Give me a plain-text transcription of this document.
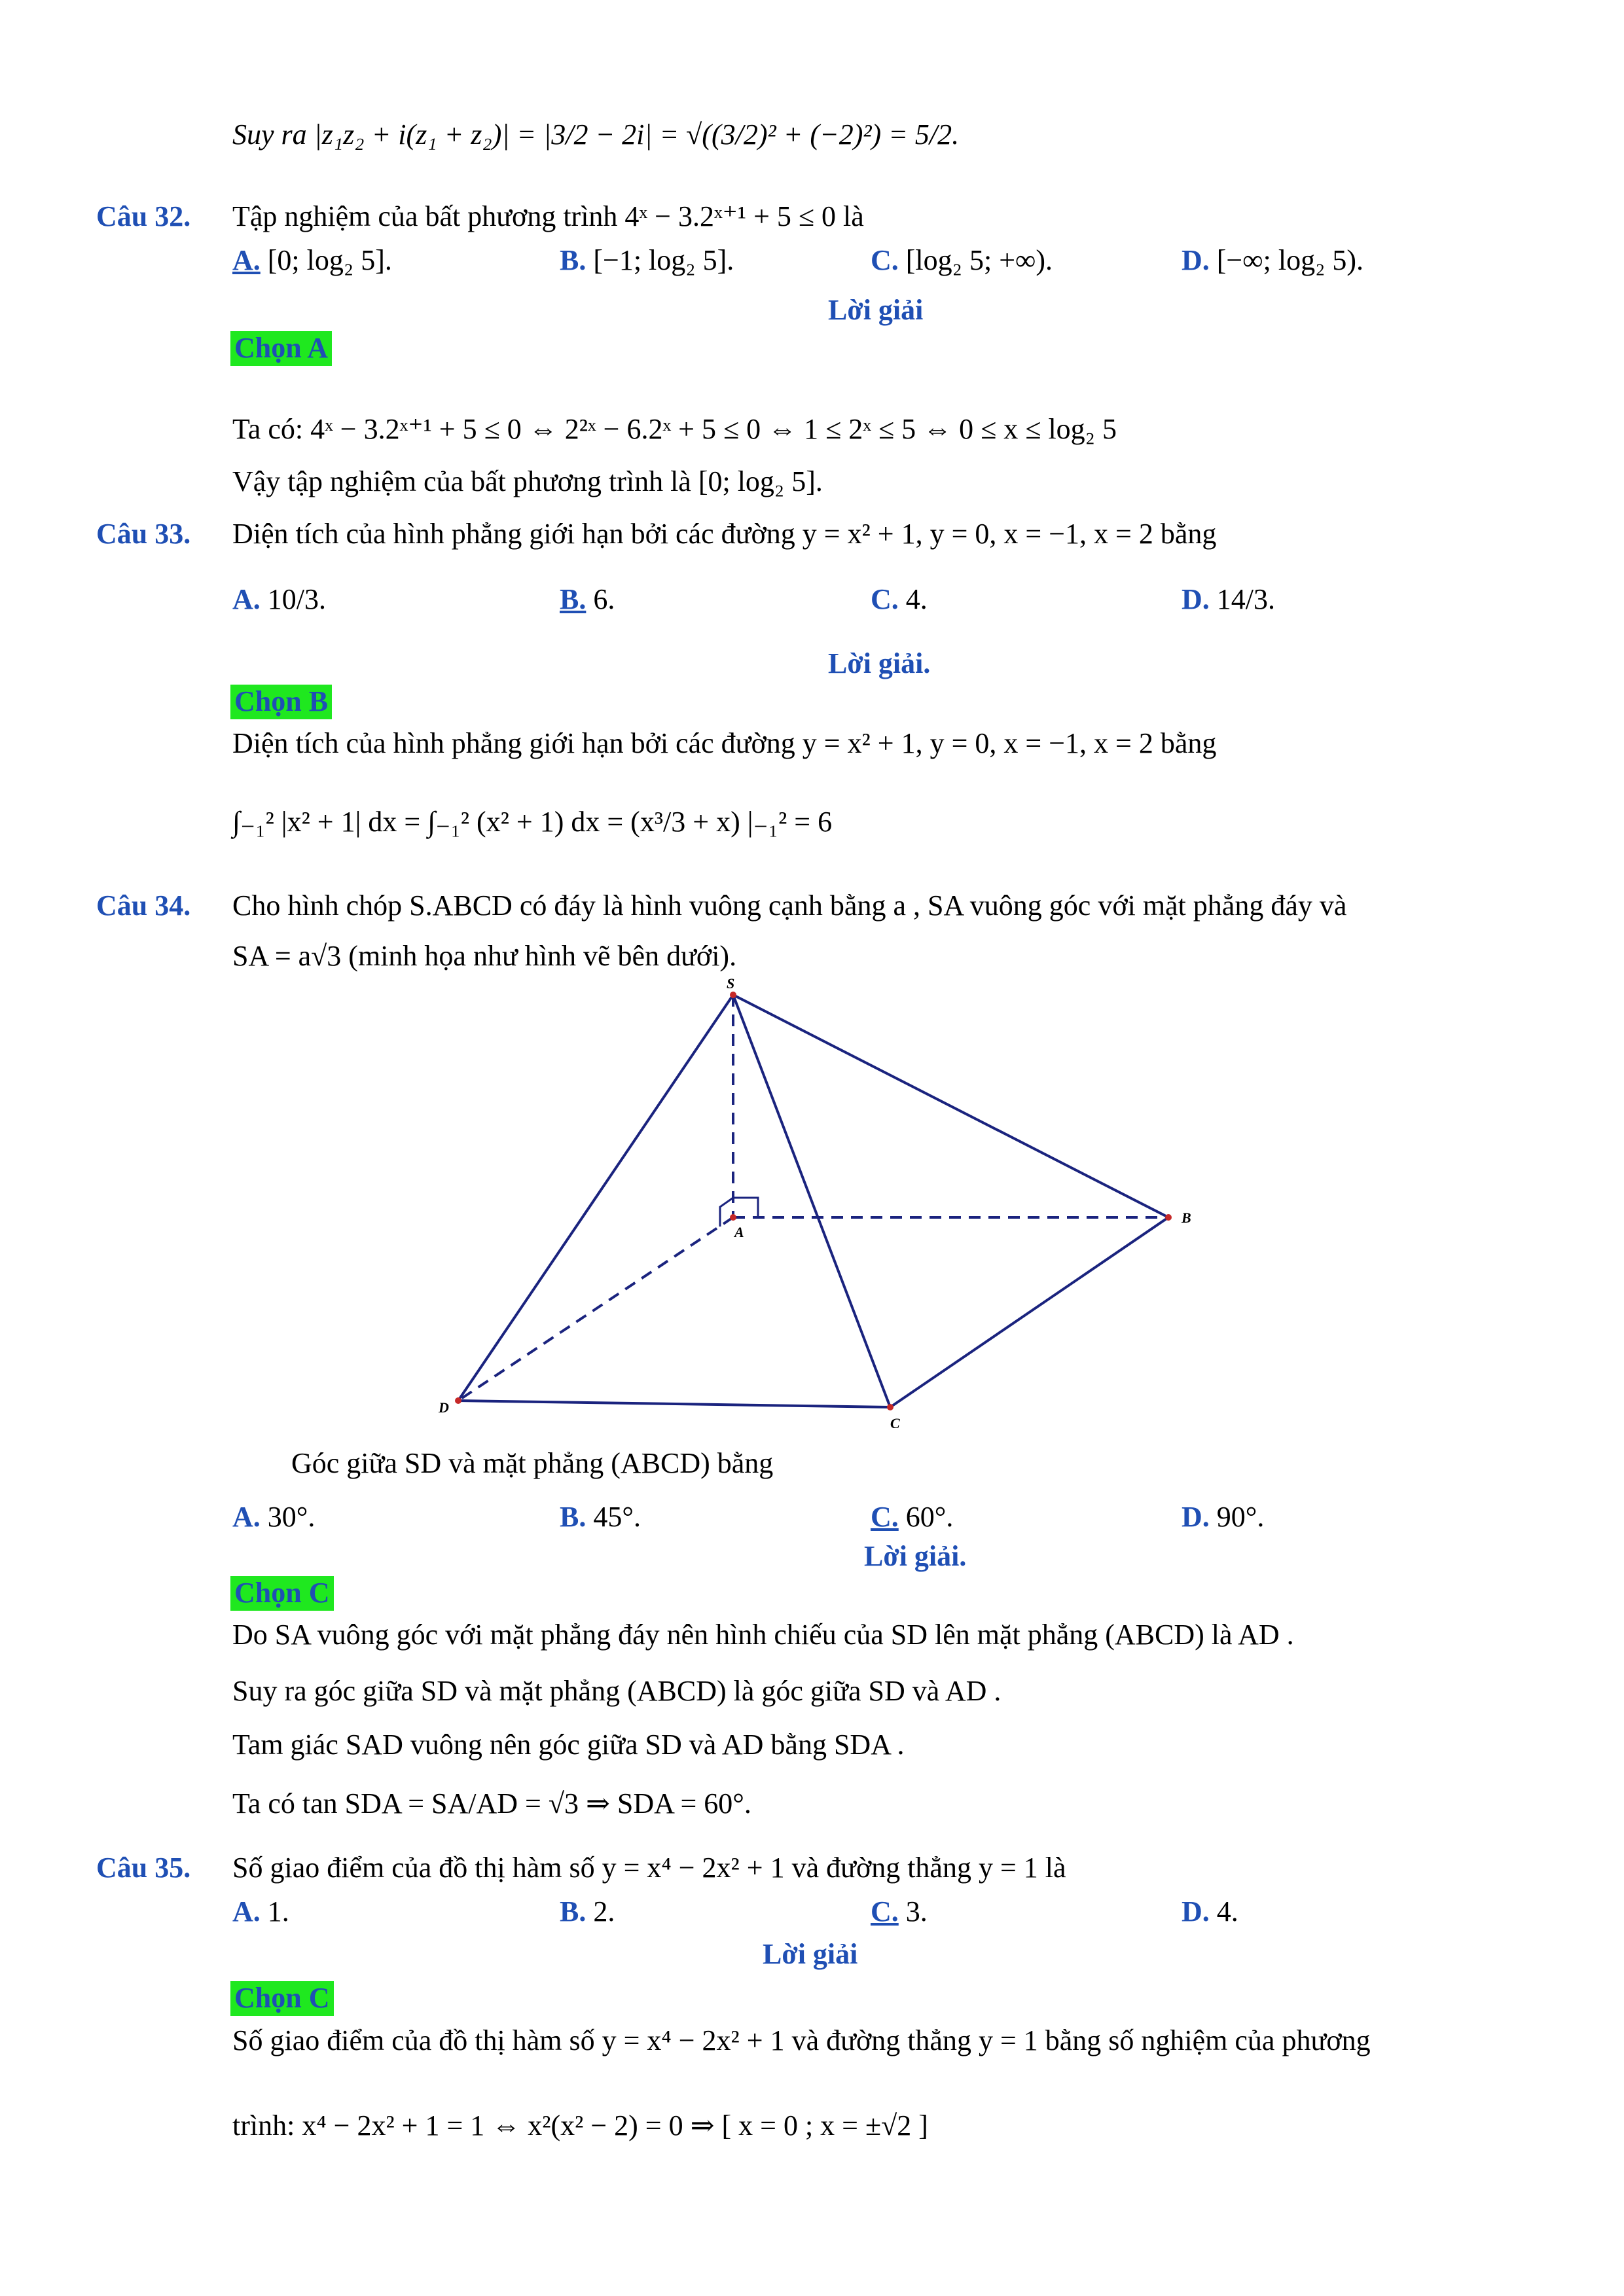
Suy ra |z₁z₂ + i(z₁ + z₂)| = |3/2 − 2i| = √((3/2)² + (−2)²) = 5/2.
Câu 32. Tập nghiệm của bất phương trình 4ˣ − 3.2ˣ⁺¹ + 5 ≤ 0 là
A. [0; log₂ 5].	B. [−1; log₂ 5].	C. [log₂ 5; +∞).	D. [−∞; log₂ 5).
Lời giải
Chọn A
Ta có: 4ˣ − 3.2ˣ⁺¹ + 5 ≤ 0 ⇔ 2²ˣ − 6.2ˣ + 5 ≤ 0 ⇔ 1 ≤ 2ˣ ≤ 5 ⇔ 0 ≤ x ≤ log₂ 5
Vậy tập nghiệm của bất phương trình là [0; log₂ 5].
Câu 33. Diện tích của hình phẳng giới hạn bởi các đường y = x² + 1, y = 0, x = −1, x = 2 bằng
A. 10/3.	B. 6.	C. 4.	D. 14/3.
Lời giải.
Chọn B
Diện tích của hình phẳng giới hạn bởi các đường y = x² + 1, y = 0, x = −1, x = 2 bằng
∫₋₁² |x² + 1| dx = ∫₋₁² (x² + 1) dx = (x³/3 + x) |₋₁² = 6
Câu 34. Cho hình chóp S.ABCD có đáy là hình vuông cạnh bằng a , SA vuông góc với mặt phẳng đáy và
SA = a√3 (minh họa như hình vẽ bên dưới).
S
A
B
C
D
Góc giữa SD và mặt phẳng (ABCD) bằng
A. 30°.	B. 45°.	C. 60°.	D. 90°.
Lời giải.
Chọn C
Do SA vuông góc với mặt phẳng đáy nên hình chiếu của SD lên mặt phẳng (ABCD) là AD .
Suy ra góc giữa SD và mặt phẳng (ABCD) là góc giữa SD và AD .
Tam giác SAD vuông nên góc giữa SD và AD bằng SDA .
Ta có tan SDA = SA/AD = √3 ⇒ SDA = 60°.
Câu 35. Số giao điểm của đồ thị hàm số y = x⁴ − 2x² + 1 và đường thẳng y = 1 là
A. 1.	B. 2.	C. 3.	D. 4.
Lời giải
Chọn C
Số giao điểm của đồ thị hàm số y = x⁴ − 2x² + 1 và đường thẳng y = 1 bằng số nghiệm của phương
trình: x⁴ − 2x² + 1 = 1 ⇔ x²(x² − 2) = 0 ⇒ [ x = 0 ; x = ±√2 ]
